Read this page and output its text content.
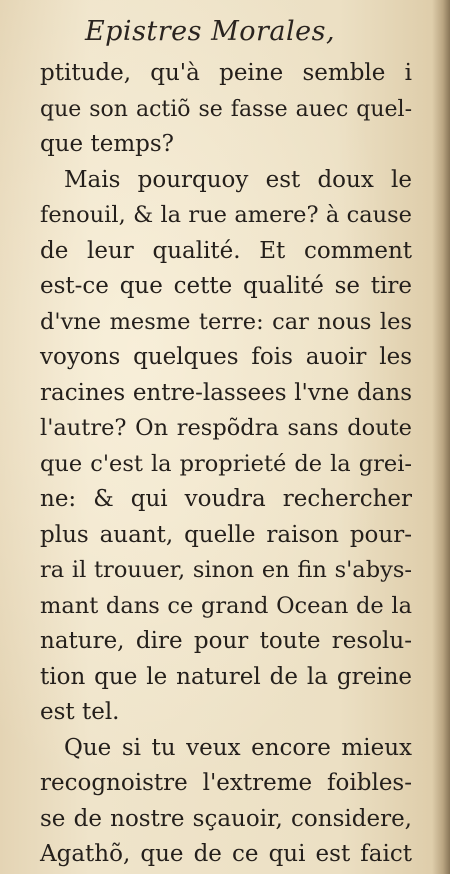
Epistres Morales,
ptitude, qu'à peine semble i
que son actiõ se fasse auec quel-
que temps?
Mais pourquoy est doux le
fenouil, & la rue amere? à cause
de leur qualité. Et comment
est-ce que cette qualité se tire
d'vne mesme terre: car nous les
voyons quelques fois auoir les
racines entre-lassees l'vne dans
l'autre? On respõdra sans doute
que c'est la proprieté de la grei-
ne: & qui voudra rechercher
plus auant, quelle raison pour-
ra il trouuer, sinon en fin s'abys-
mant dans ce grand Ocean de la
nature, dire pour toute resolu-
tion que le naturel de la greine
est tel.
Que si tu veux encore mieux
recognoistre l'extreme foibles-
se de nostre sçauoir, considere,
Agathõ, que de ce qui est faict
